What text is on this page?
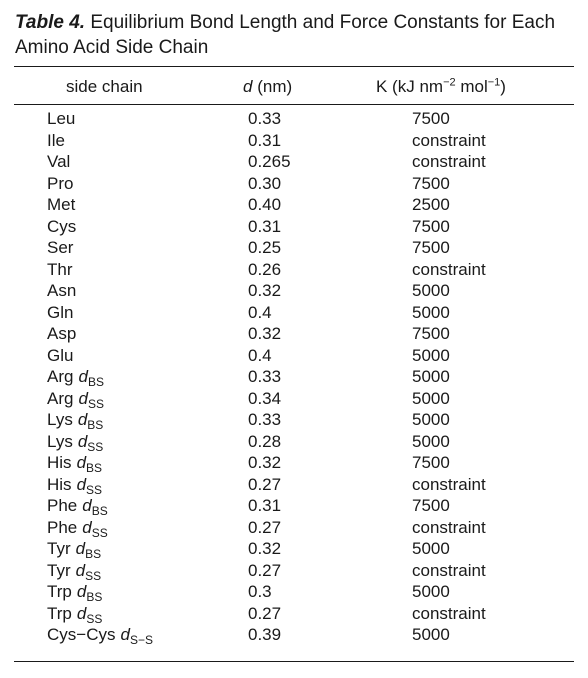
Table 4. Equilibrium Bond Length and Force Constants for Each Amino Acid Side Chain
side chain	d (nm)	K (kJ $nm^{-2}$ mol$^{-1}$)
Leu	0.33	7500
Ile	0.31	constraint
Val	0.265	constraint
Pro	0.30	7500
Met	0.40	2500
Cys	0.31	7500
Ser	0.25	7500
Thr	0.26	constraint
Asn	0.32	5000
Gln	0.4	5000
Asp	0.32	7500
Glu	0.4	5000
Arg $d_{BS}$	0.33	5000
Arg $d_{SS}$	0.34	5000
Lys $d_{BS}$	0.33	5000
Lys $d_{SS}$	0.28	5000
His $d_{BS}$	0.32	7500
His $d_{SS}$	0.27	constraint
Phe $d_{BS}$	0.31	7500
Phe $d_{SS}$	0.27	constraint
Tyr $d_{BS}$	0.32	5000
Tyr $d_{SS}$	0.27	constraint
Trp $d_{BS}$	0.3	5000
Trp $d_{SS}$	0.27	constraint
Cys−Cys $d_{S-S}$	0.39	5000
